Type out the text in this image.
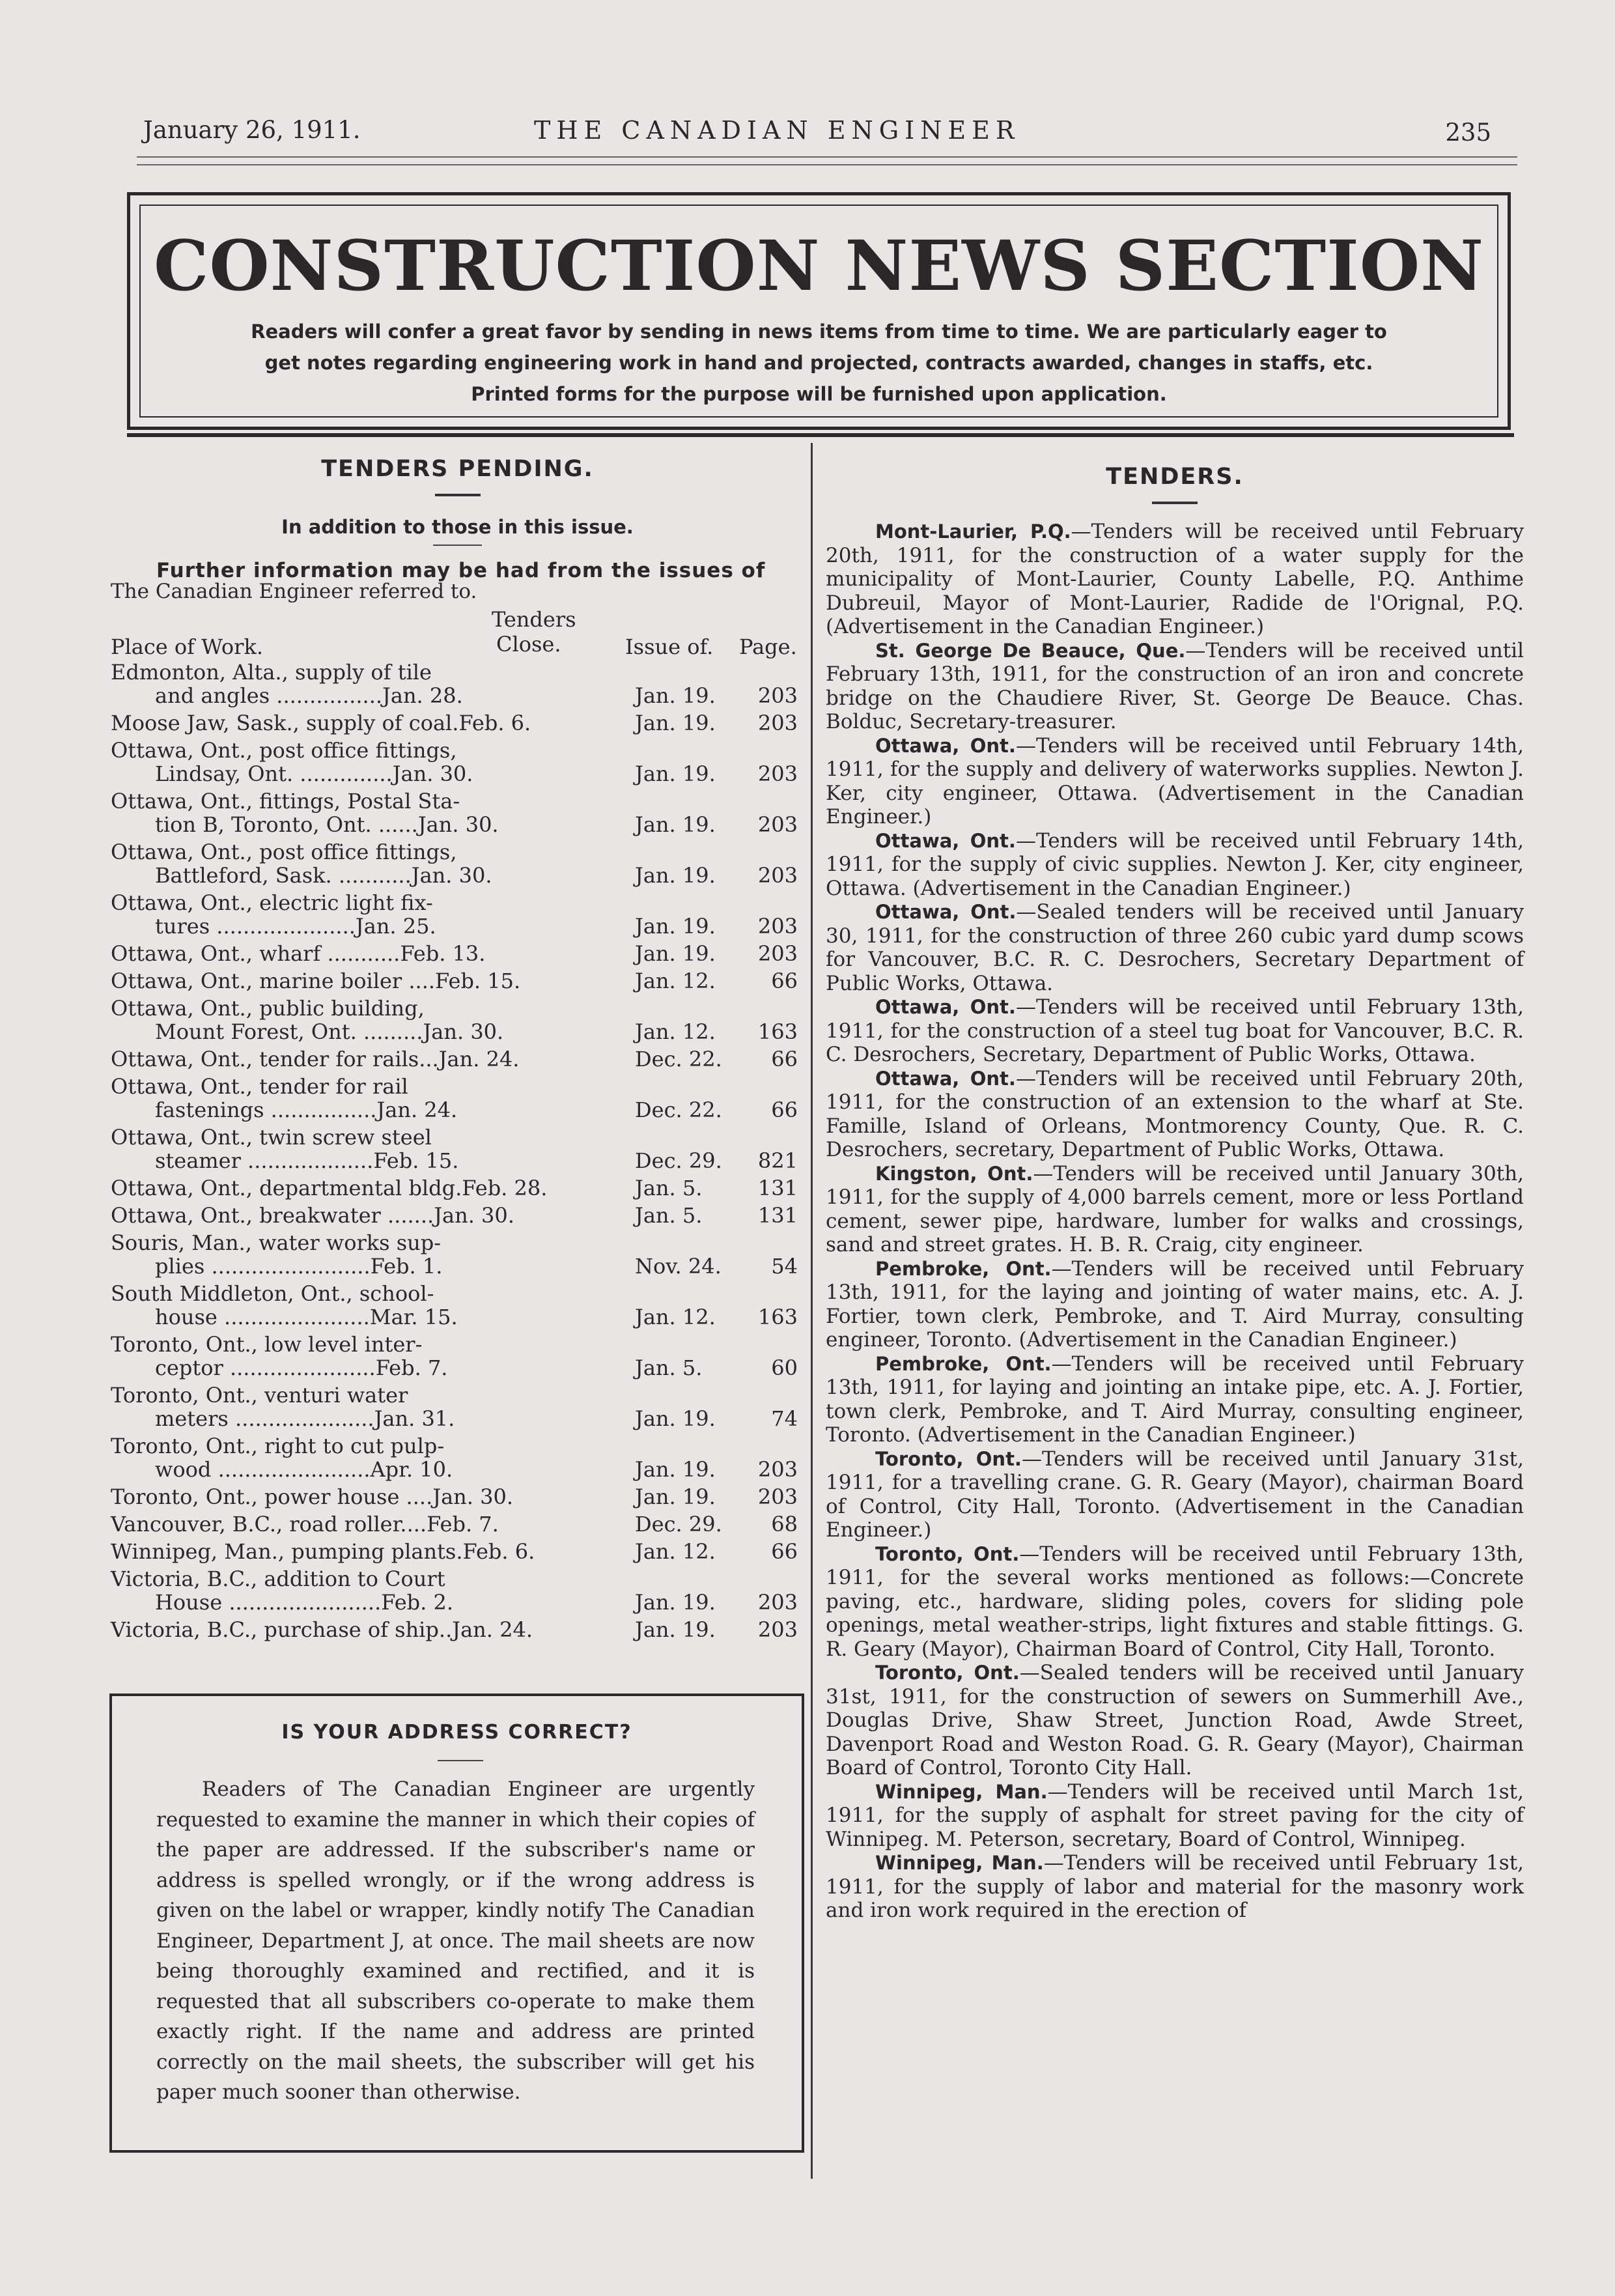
January 26, 1911.	THE CANADIAN ENGINEER	235
CONSTRUCTION NEWS SECTION
Readers will confer a great favor by sending in news items from time to time. We are particularly eager to
get notes regarding engineering work in hand and projected, contracts awarded, changes in staffs, etc.
Printed forms for the purpose will be furnished upon application.
TENDERS PENDING.
In addition to those in this issue.
Further information may be had from the issues of
The Canadian Engineer referred to.
Place of Work.
Tenders
Close.	Issue of. Page.
Edmonton, Alta., supply of tile
and angles ................Jan. 28.	Jan. 19. 203
Moose Jaw, Sask., supply of coal.Feb. 6.	Jan. 19. 203
Ottawa, Ont., post office fittings,
Lindsay, Ont. ..............Jan. 30.	Jan. 19. 203
Ottawa, Ont., fittings, Postal Sta-
tion B, Toronto, Ont. ......Jan. 30.	Jan. 19. 203
Ottawa, Ont., post office fittings,
Battleford, Sask. ...........Jan. 30.	Jan. 19. 203
Ottawa, Ont., electric light fix-
tures .....................Jan. 25.	Jan. 19. 203
Ottawa, Ont., wharf ...........Feb. 13.	Jan. 19. 203
Ottawa, Ont., marine boiler ....Feb. 15.	Jan. 12.	66
Ottawa, Ont., public building,
Mount Forest, Ont. .........Jan. 30.	Jan. 12. 163
Ottawa, Ont., tender for rails...Jan. 24.	Dec. 22. 66
Ottawa, Ont., tender for rail
fastenings ................Jan. 24.	Dec. 22. 66
Ottawa, Ont., twin screw steel
steamer ...................Feb. 15.	Dec. 29. 821
Ottawa, Ont., departmental bldg.Feb. 28.	Jan. 5.	131
Ottawa, Ont., breakwater .......Jan. 30.	Jan. 5.	131
Souris, Man., water works sup-
plies ........................Feb. 1.	Nov. 24. 54
South Middleton, Ont., school-
house ......................Mar. 15.	Jan. 12. 163
Toronto, Ont., low level inter-
ceptor ......................Feb. 7.	Jan. 5.	60
Toronto, Ont., venturi water
meters .....................Jan. 31.	Jan. 19.	74
Toronto, Ont., right to cut pulp-
wood .......................Apr. 10.	Jan. 19. 203
Toronto, Ont., power house ....Jan. 30.	Jan. 19. 203
Vancouver, B.C., road roller....Feb. 7.	Dec. 29. 68
Winnipeg, Man., pumping plants.Feb. 6.	Jan. 12.	66
Victoria, B.C., addition to Court
House .......................Feb. 2.	Jan. 19. 203
Victoria, B.C., purchase of ship..Jan. 24.	Jan. 19. 203
IS YOUR ADDRESS CORRECT?
Readers of The Canadian Engineer are urgently requested to examine the manner in which their copies of the paper are addressed. If the subscriber's name or address is spelled wrongly, or if the wrong address is given on the label or wrapper, kindly notify The Canadian Engineer, Department J, at once. The mail sheets are now being thoroughly examined and rectified, and it is requested that all subscribers co-operate to make them exactly right. If the name and address are printed correctly on the mail sheets, the subscriber will get his paper much sooner than otherwise.
TENDERS.

Mont-Laurier, P.Q.—Tenders will be received until February 20th, 1911, for the construction of a water supply for the municipality of Mont-Laurier, County Labelle, P.Q. Anthime Dubreuil, Mayor of Mont-Laurier, Radide de l'Orignal, P.Q. (Advertisement in the Canadian Engineer.)

St. George De Beauce, Que.—Tenders will be received until February 13th, 1911, for the construction of an iron and concrete bridge on the Chaudiere River, St. George De Beauce. Chas. Bolduc, Secretary-treasurer.

Ottawa, Ont.—Tenders will be received until February 14th, 1911, for the supply and delivery of waterworks supplies. Newton J. Ker, city engineer, Ottawa. (Advertisement in the Canadian Engineer.)

Ottawa, Ont.—Tenders will be received until February 14th, 1911, for the supply of civic supplies. Newton J. Ker, city engineer, Ottawa. (Advertisement in the Canadian Engineer.)

Ottawa, Ont.—Sealed tenders will be received until January 30, 1911, for the construction of three 260 cubic yard dump scows for Vancouver, B.C. R. C. Desrochers, Secretary Department of Public Works, Ottawa.

Ottawa, Ont.—Tenders will be received until February 13th, 1911, for the construction of a steel tug boat for Vancouver, B.C. R. C. Desrochers, Secretary, Department of Public Works, Ottawa.

Ottawa, Ont.—Tenders will be received until February 20th, 1911, for the construction of an extension to the wharf at Ste. Famille, Island of Orleans, Montmorency County, Que. R. C. Desrochers, secretary, Department of Public Works, Ottawa.

Kingston, Ont.—Tenders will be received until January 30th, 1911, for the supply of 4,000 barrels cement, more or less Portland cement, sewer pipe, hardware, lumber for walks and crossings, sand and street grates. H. B. R. Craig, city engineer.

Pembroke, Ont.—Tenders will be received until February 13th, 1911, for the laying and jointing of water mains, etc. A. J. Fortier, town clerk, Pembroke, and T. Aird Murray, consulting engineer, Toronto. (Advertisement in the Canadian Engineer.)

Pembroke, Ont.—Tenders will be received until February 13th, 1911, for laying and jointing an intake pipe, etc. A. J. Fortier, town clerk, Pembroke, and T. Aird Murray, consulting engineer, Toronto. (Advertisement in the Canadian Engineer.)

Toronto, Ont.—Tenders will be received until January 31st, 1911, for a travelling crane. G. R. Geary (Mayor), chairman Board of Control, City Hall, Toronto. (Advertisement in the Canadian Engineer.)

Toronto, Ont.—Tenders will be received until February 13th, 1911, for the several works mentioned as follows:—Concrete paving, etc., hardware, sliding poles, covers for sliding pole openings, metal weather-strips, light fixtures and stable fittings. G. R. Geary (Mayor), Chairman Board of Control, City Hall, Toronto.

Toronto, Ont.—Sealed tenders will be received until January 31st, 1911, for the construction of sewers on Summerhill Ave., Douglas Drive, Shaw Street, Junction Road, Awde Street, Davenport Road and Weston Road. G. R. Geary (Mayor), Chairman Board of Control, Toronto City Hall.

Winnipeg, Man.—Tenders will be received until March 1st, 1911, for the supply of asphalt for street paving for the city of Winnipeg. M. Peterson, secretary, Board of Control, Winnipeg.

Winnipeg, Man.—Tenders will be received until February 1st, 1911, for the supply of labor and material for the masonry work and iron work required in the erection of
